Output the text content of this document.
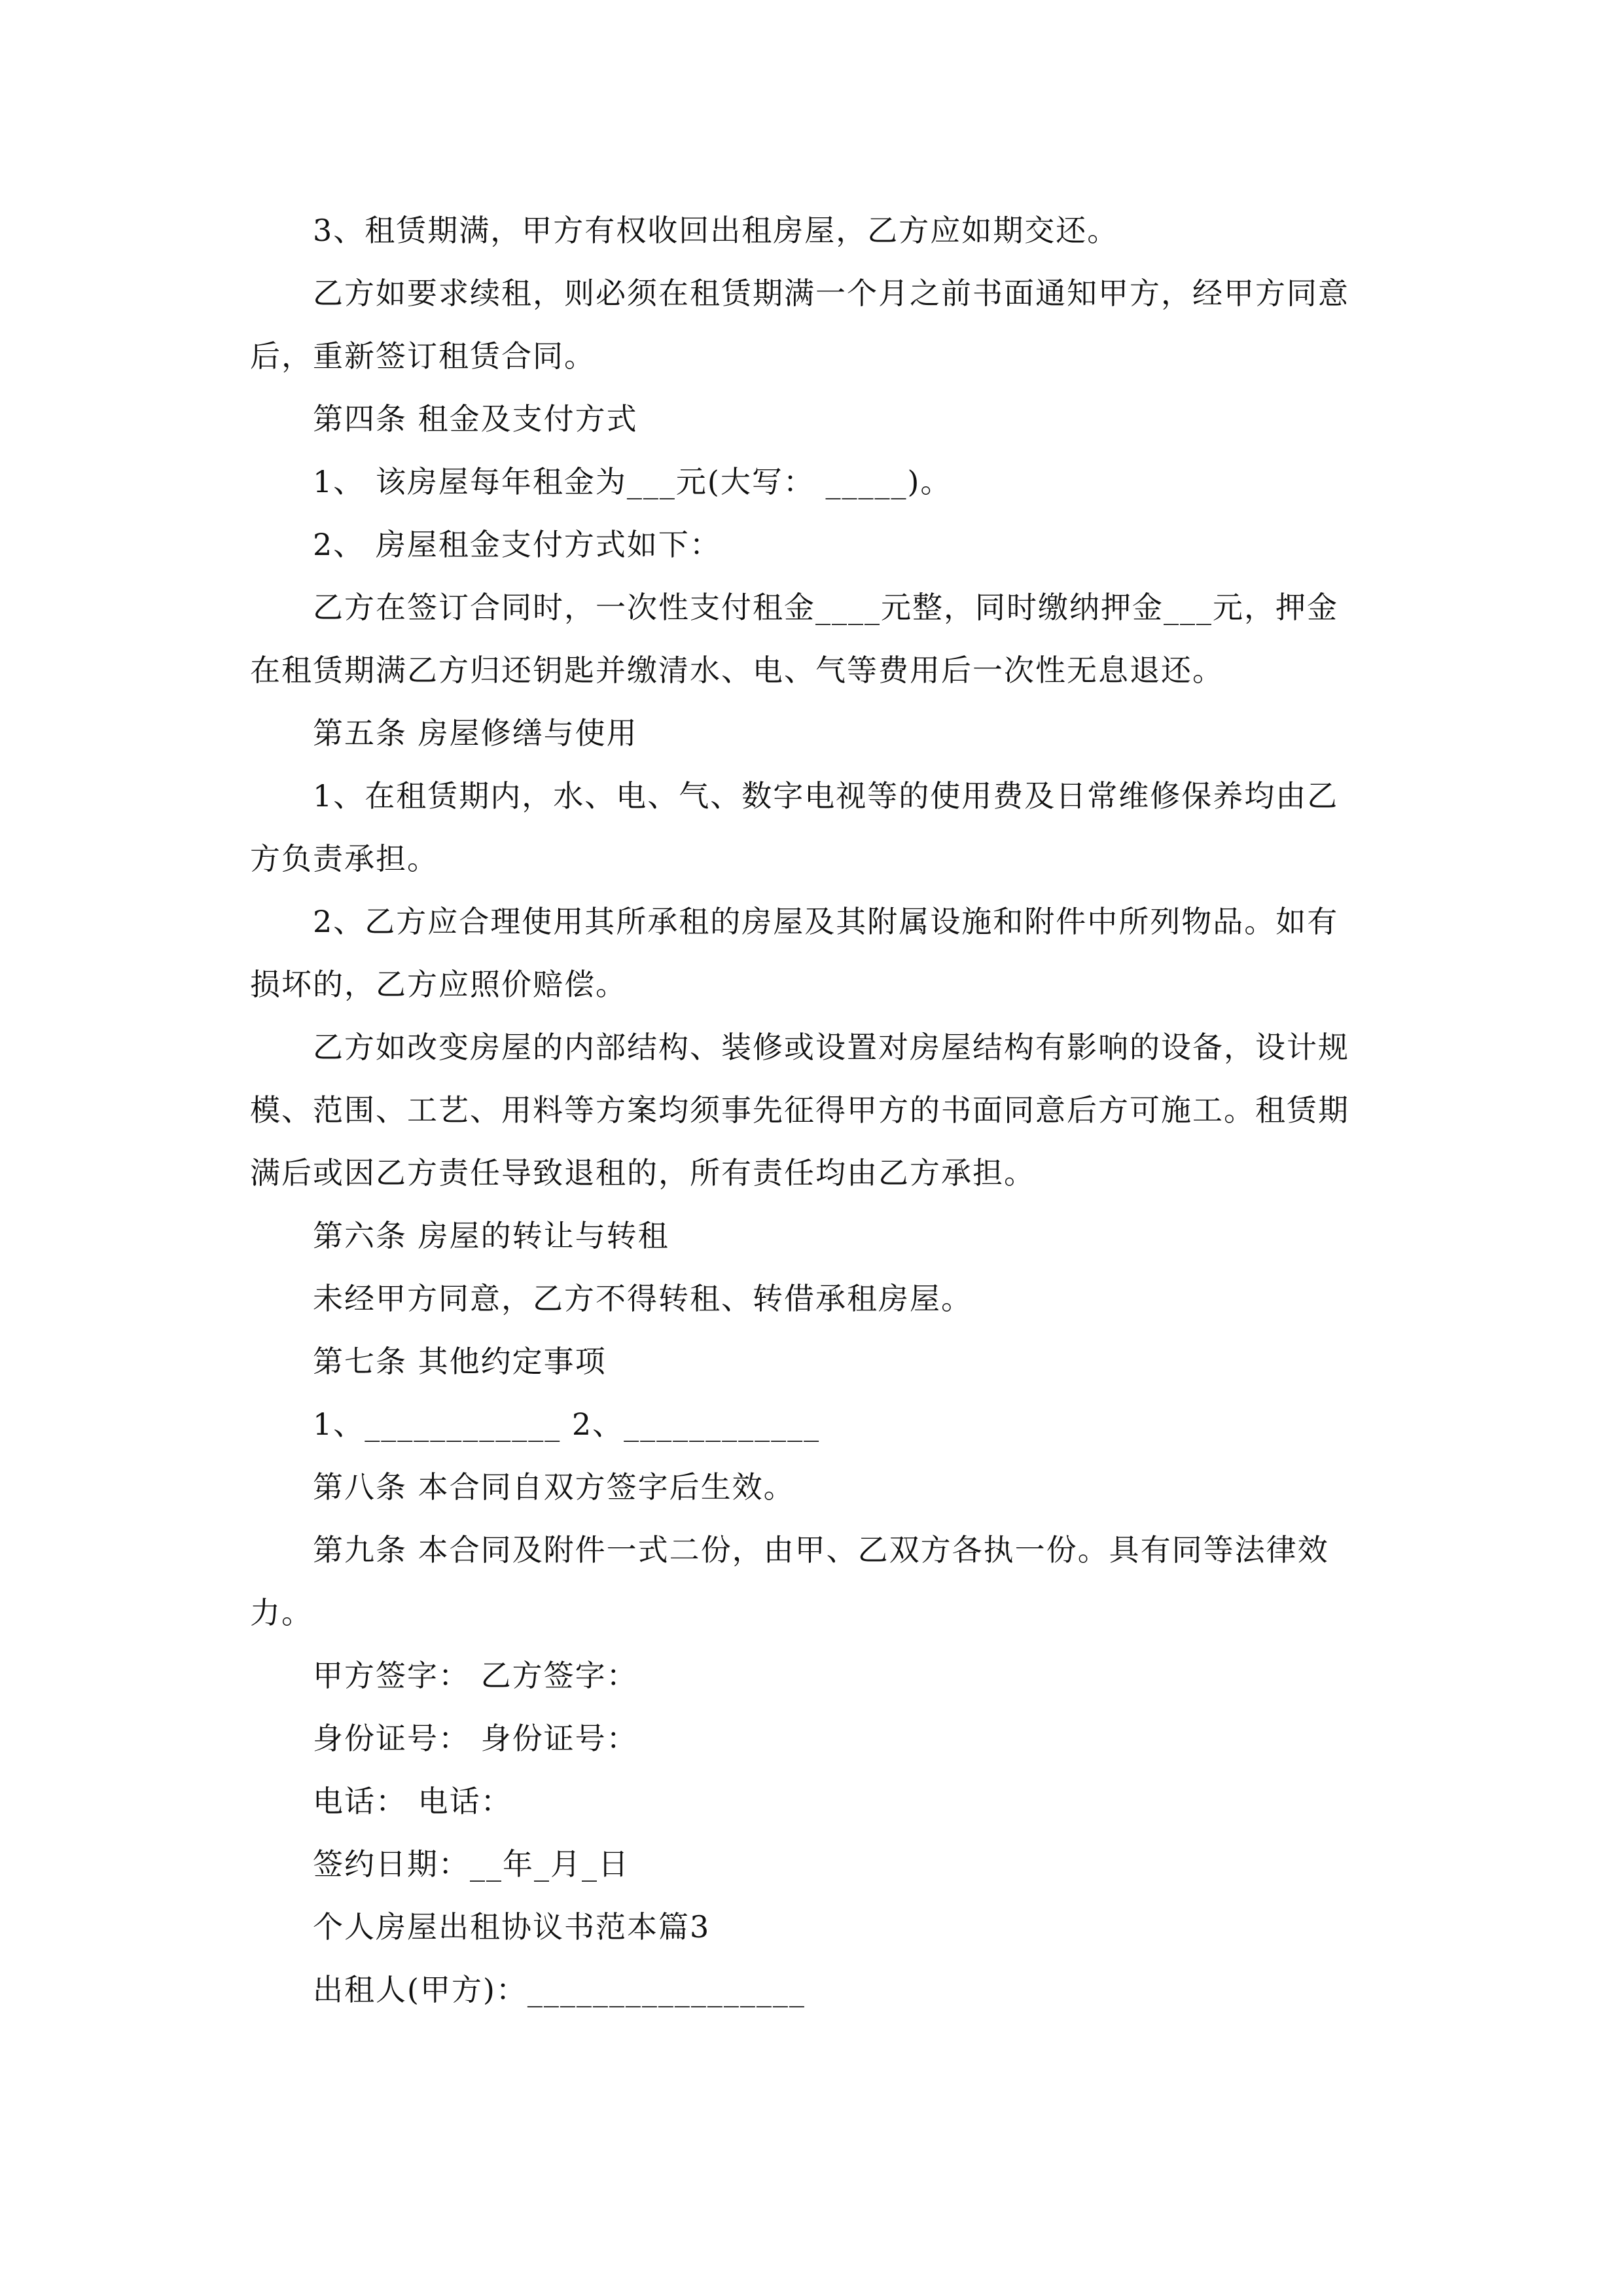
3、租赁期满，甲方有权收回出租房屋，乙方应如期交还。

乙方如要求续租，则必须在租赁期满一个月之前书面通知甲方，经甲方同意

后，重新签订租赁合同。

第四条 租金及支付方式

1、 该房屋每年租金为___元(大写： _____)。

2、 房屋租金支付方式如下：

乙方在签订合同时，一次性支付租金____元整，同时缴纳押金___元，押金

在租赁期满乙方归还钥匙并缴清水、电、气等费用后一次性无息退还。

第五条 房屋修缮与使用

1、在租赁期内，水、电、气、数字电视等的使用费及日常维修保养均由乙

方负责承担。

2、乙方应合理使用其所承租的房屋及其附属设施和附件中所列物品。如有

损坏的，乙方应照价赔偿。

乙方如改变房屋的内部结构、装修或设置对房屋结构有影响的设备，设计规

模、范围、工艺、用料等方案均须事先征得甲方的书面同意后方可施工。租赁期

满后或因乙方责任导致退租的，所有责任均由乙方承担。

第六条 房屋的转让与转租

未经甲方同意，乙方不得转租、转借承租房屋。

第七条 其他约定事项

1、____________ 2、____________

第八条 本合同自双方签字后生效。

第九条 本合同及附件一式二份，由甲、乙双方各执一份。具有同等法律效

力。

甲方签字： 乙方签字：

身份证号： 身份证号：

电话： 电话：

签约日期：__年_月_日

个人房屋出租协议书范本篇3

出租人(甲方)：_________________
